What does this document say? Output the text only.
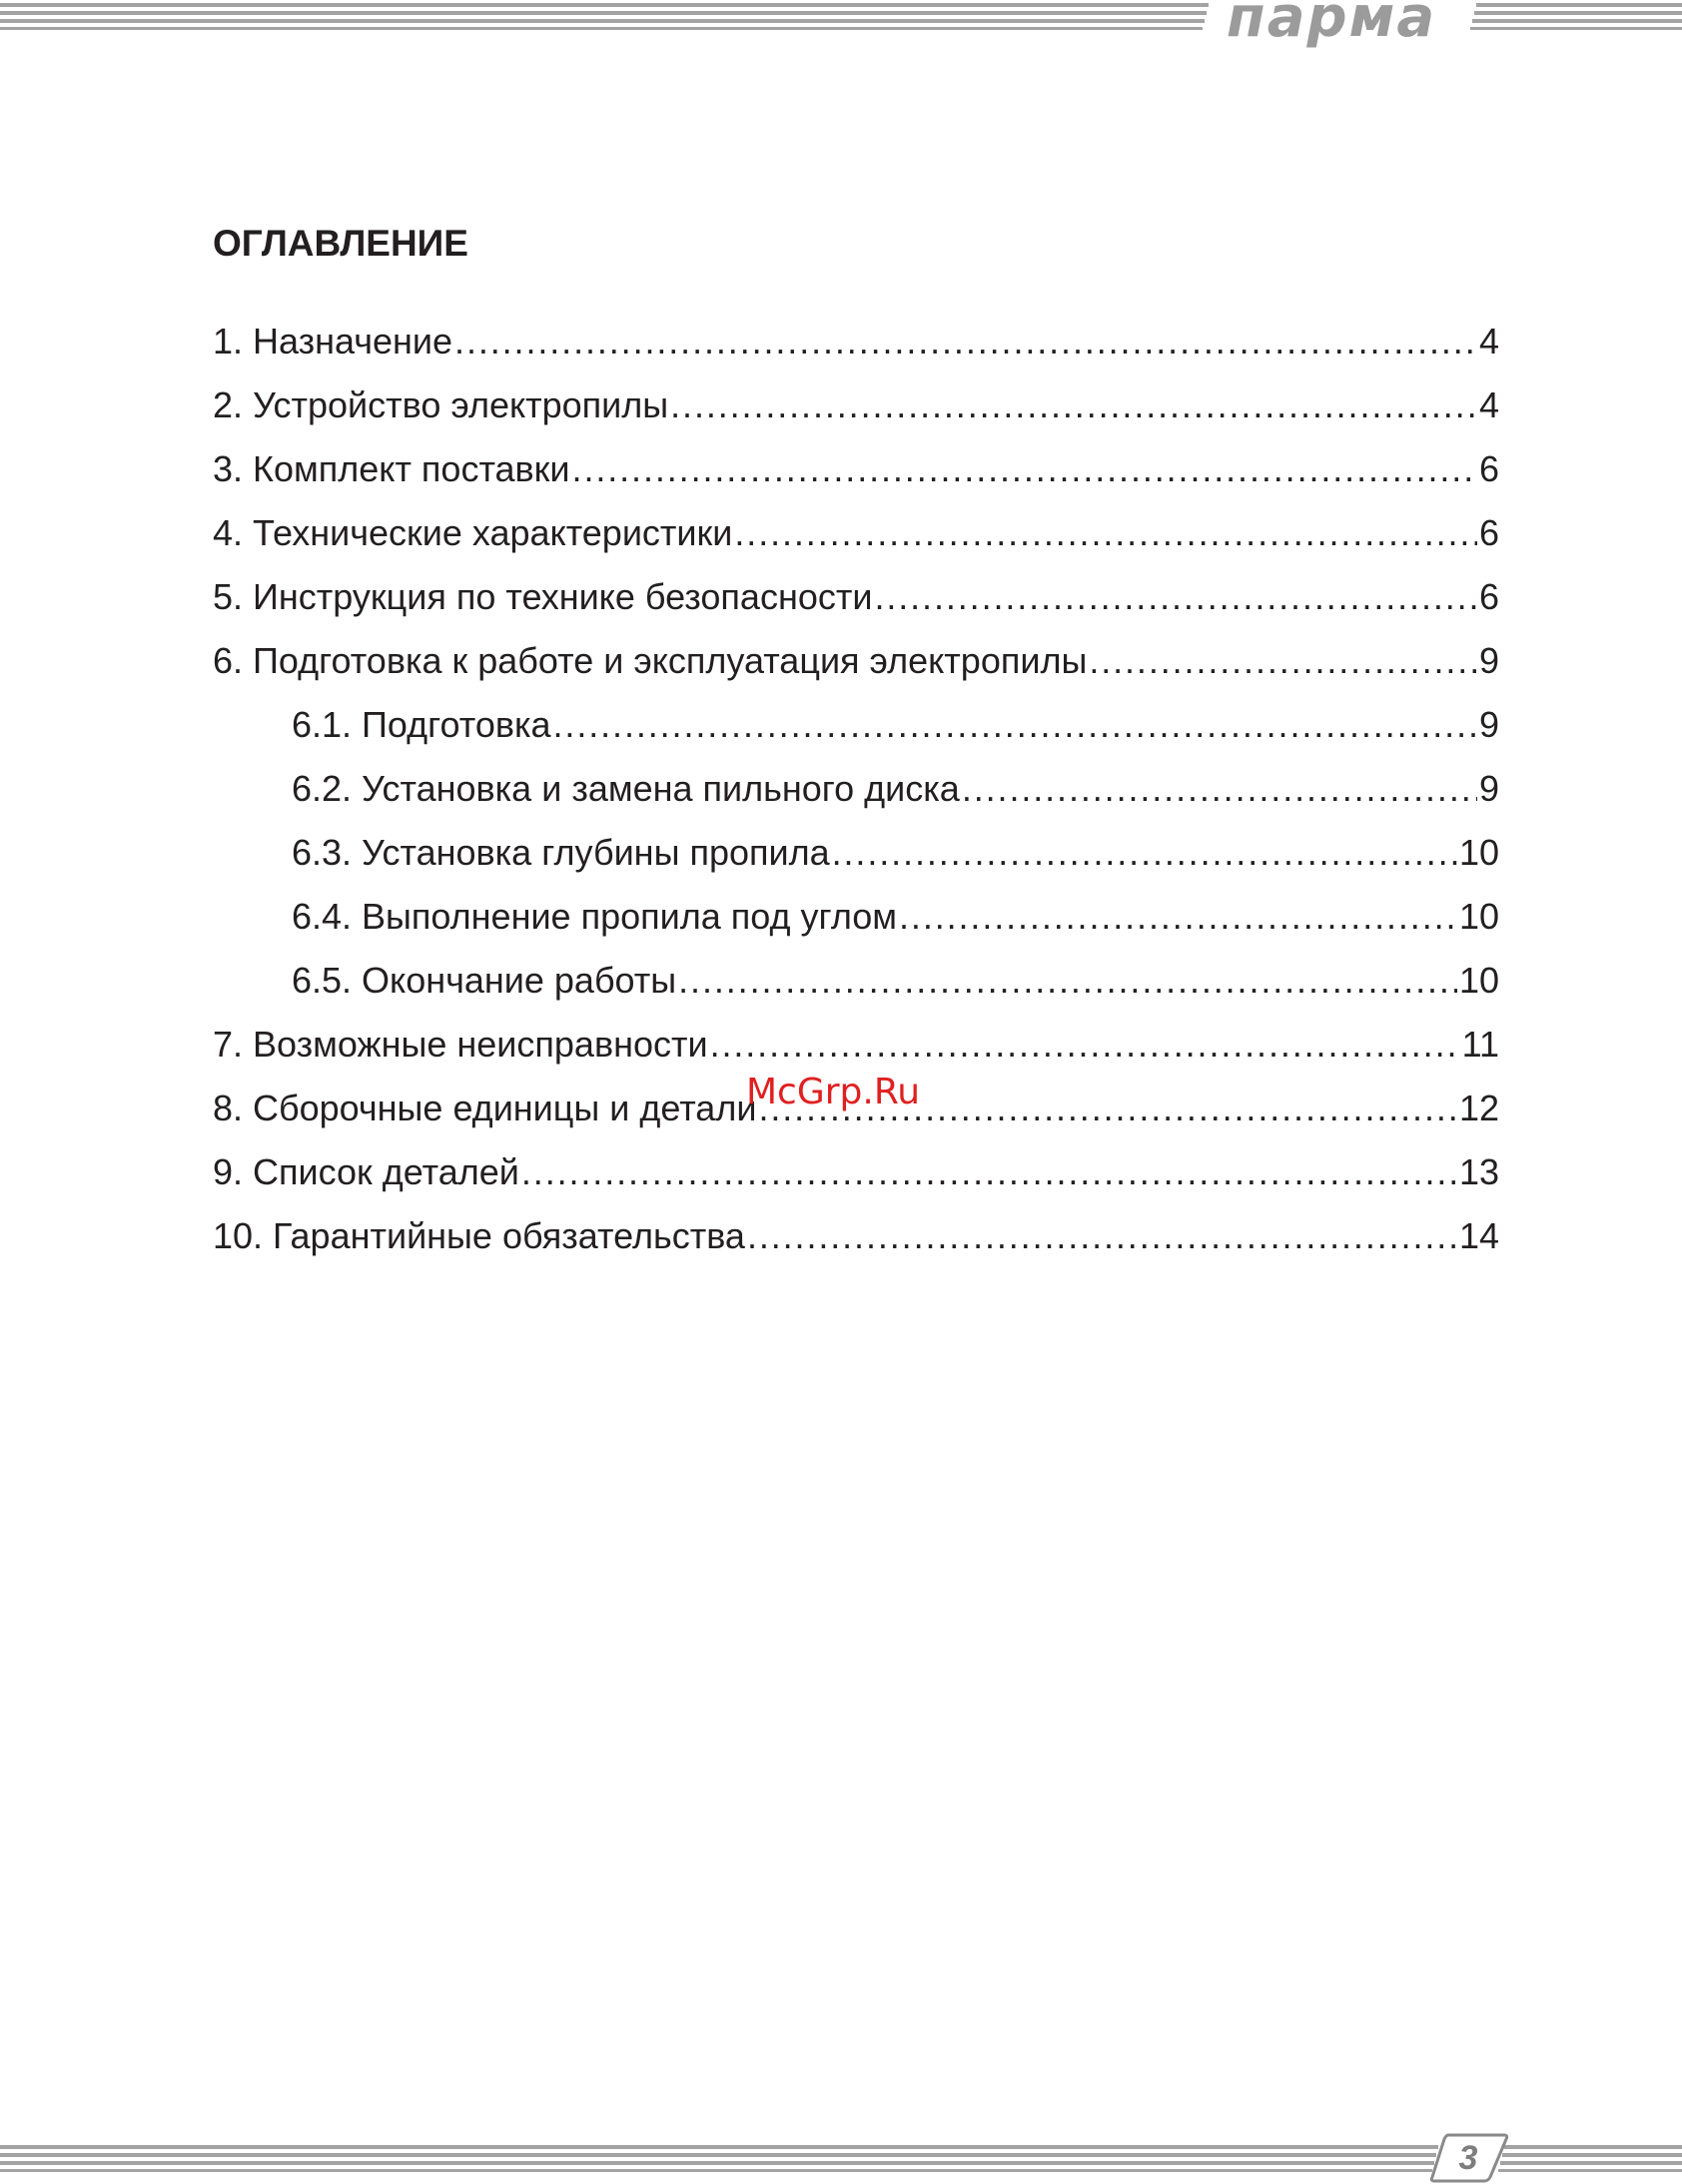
парма
ОГЛАВЛЕНИЕ
1. Назначение .....	4
2. Устройство электропилы .....	4
3. Комплект поставки .....	6
4. Технические характеристики .....	6
5. Инструкция по технике безопасности .....	6
6. Подготовка к работе и эксплуатация электропилы .....	9
6.1. Подготовка .....	9
6.2. Установка и замена пильного диска .....	9
6.3. Установка глубины пропила .....	10
6.4. Выполнение пропила под углом .....	10
6.5. Окончание работы .....	10
7. Возможные неисправности .....	11
8. Сборочные единицы и детали .....	12
9. Список деталей .....	13
10. Гарантийные обязательства .....	14
McGrp.Ru
3
